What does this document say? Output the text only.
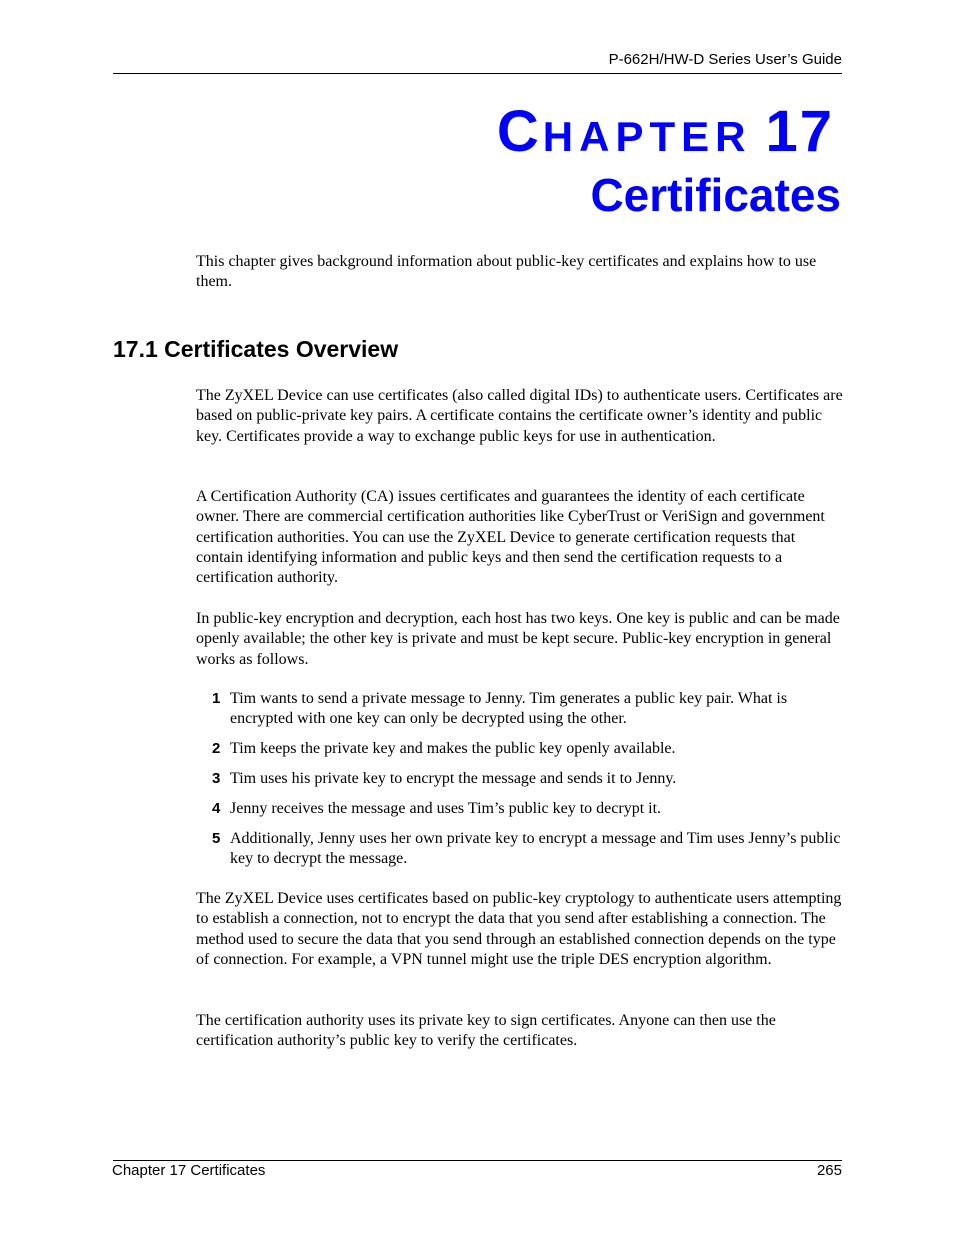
P-662H/HW-D Series User’s Guide

CHAPTER 17
Certificates

This chapter gives background information about public-key certificates and explains how to use them.

17.1 Certificates Overview

The ZyXEL Device can use certificates (also called digital IDs) to authenticate users. Certificates are based on public-private key pairs. A certificate contains the certificate owner’s identity and public key. Certificates provide a way to exchange public keys for use in authentication.

A Certification Authority (CA) issues certificates and guarantees the identity of each certificate owner. There are commercial certification authorities like CyberTrust or VeriSign and government certification authorities. You can use the ZyXEL Device to generate certification requests that contain identifying information and public keys and then send the certification requests to a certification authority.

In public-key encryption and decryption, each host has two keys. One key is public and can be made openly available; the other key is private and must be kept secure. Public-key encryption in general works as follows.

1 Tim wants to send a private message to Jenny. Tim generates a public key pair. What is encrypted with one key can only be decrypted using the other.
2 Tim keeps the private key and makes the public key openly available.
3 Tim uses his private key to encrypt the message and sends it to Jenny.
4 Jenny receives the message and uses Tim’s public key to decrypt it.
5 Additionally, Jenny uses her own private key to encrypt a message and Tim uses Jenny’s public key to decrypt the message.

The ZyXEL Device uses certificates based on public-key cryptology to authenticate users attempting to establish a connection, not to encrypt the data that you send after establishing a connection. The method used to secure the data that you send through an established connection depends on the type of connection. For example, a VPN tunnel might use the triple DES encryption algorithm.

The certification authority uses its private key to sign certificates. Anyone can then use the certification authority’s public key to verify the certificates.

Chapter 17 Certificates	265
